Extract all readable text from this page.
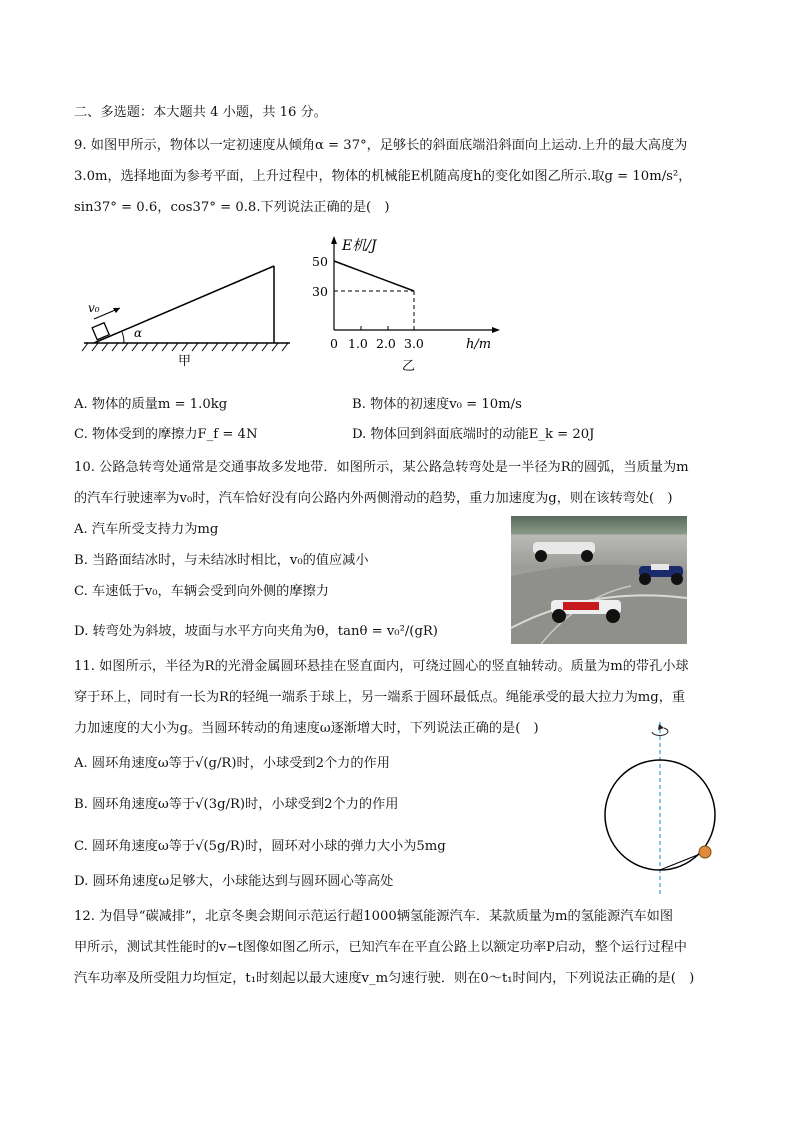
二、多选题：本大题共 4 小题，共 16 分。
9. 如图甲所示，物体以一定初速度从倾角α = 37°，足够长的斜面底端沿斜面向上运动.上升的最大高度为
3.0m，选择地面为参考平面，上升过程中，物体的机械能E机随高度h的变化如图乙所示.取g = 10m/s²，
sin37° = 0.6，cos37° = 0.8.下列说法正确的是(　)
v₀
α
甲
E机/J
50
30
0 1.0 2.0 3.0	h/m
乙
A. 物体的质量m = 1.0kg	B. 物体的初速度v₀ = 10m/s
C. 物体受到的摩擦力F_f = 4N	D. 物体回到斜面底端时的动能E_k = 20J
10. 公路急转弯处通常是交通事故多发地带．如图所示，某公路急转弯处是一半径为R的圆弧，当质量为m
的汽车行驶速率为v₀时，汽车恰好没有向公路内外两侧滑动的趋势，重力加速度为g，则在该转弯处(　)
A. 汽车所受支持力为mg
B. 当路面结冰时，与未结冰时相比，v₀的值应减小
C. 车速低于v₀，车辆会受到向外侧的摩擦力
D. 转弯处为斜坡，坡面与水平方向夹角为θ，tanθ = v₀²/(gR)
11. 如图所示，半径为R的光滑金属圆环悬挂在竖直面内，可绕过圆心的竖直轴转动。质量为m的带孔小球
穿于环上，同时有一长为R的轻绳一端系于球上，另一端系于圆环最低点。绳能承受的最大拉力为mg，重
力加速度的大小为g。当圆环转动的角速度ω逐渐增大时，下列说法正确的是(　)
A. 圆环角速度ω等于√(g/R)时，小球受到2个力的作用
B. 圆环角速度ω等于√(3g/R)时，小球受到2个力的作用
C. 圆环角速度ω等于√(5g/R)时，圆环对小球的弹力大小为5mg
D. 圆环角速度ω足够大，小球能达到与圆环圆心等高处
12. 为倡导“碳减排”，北京冬奥会期间示范运行超1000辆氢能源汽车．某款质量为m的氢能源汽车如图
甲所示，测试其性能时的v−t图像如图乙所示，已知汽车在平直公路上以额定功率P启动，整个运行过程中
汽车功率及所受阻力均恒定，t₁时刻起以最大速度v_m匀速行驶．则在0～t₁时间内，下列说法正确的是(　)
